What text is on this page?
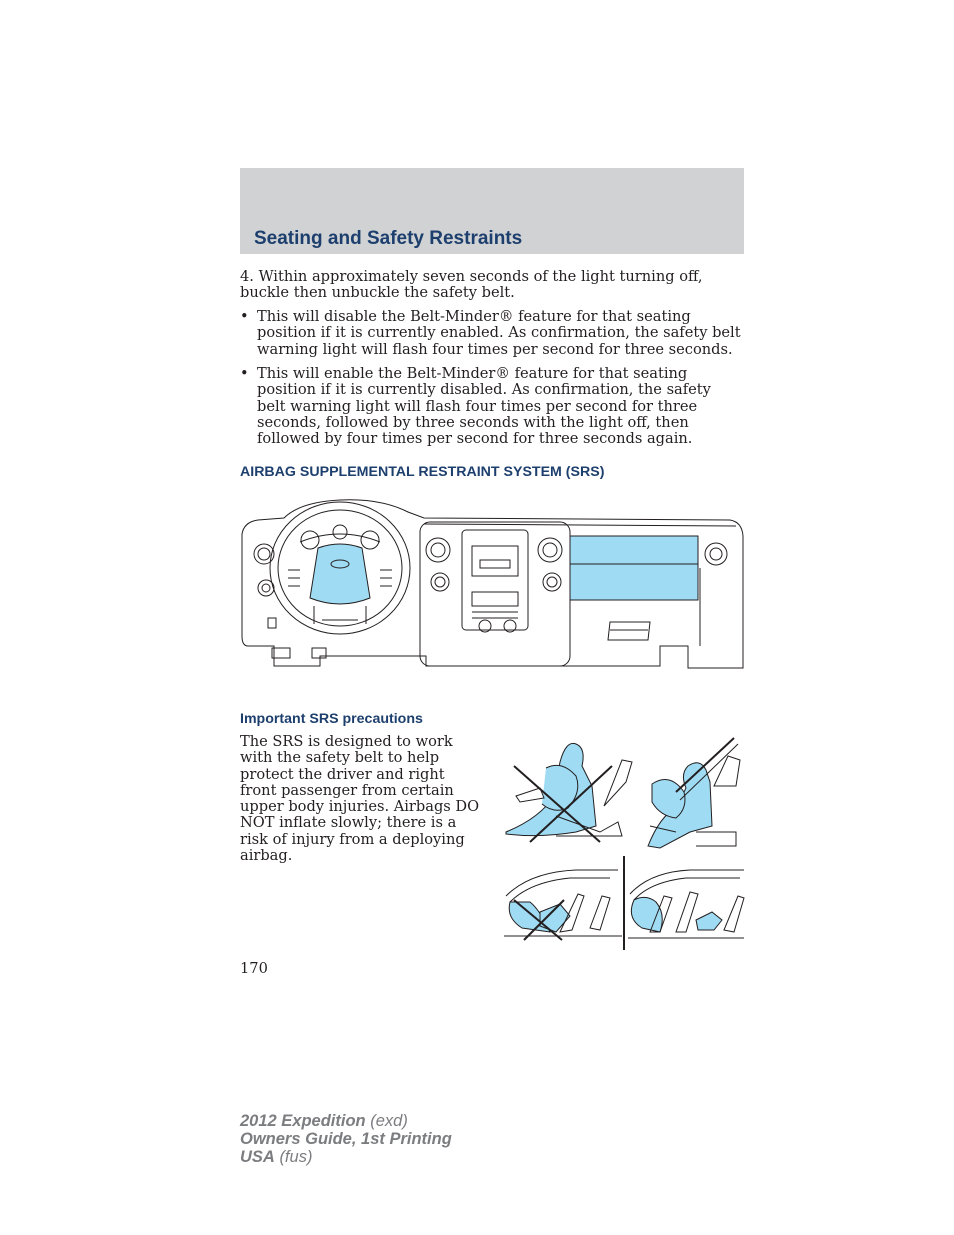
Seating and Safety Restraints

4. Within approximately seven seconds of the light turning off, buckle then unbuckle the safety belt.

• This will disable the Belt-Minder® feature for that seating position if it is currently enabled. As confirmation, the safety belt warning light will flash four times per second for three seconds.
• This will enable the Belt-Minder® feature for that seating position if it is currently disabled. As confirmation, the safety belt warning light will flash four times per second for three seconds, followed by three seconds with the light off, then followed by four times per second for three seconds again.
AIRBAG SUPPLEMENTAL RESTRAINT SYSTEM (SRS)
Important SRS precautions

The SRS is designed to work with the safety belt to help protect the driver and right front passenger from certain upper body injuries. Airbags DO NOT inflate slowly; there is a risk of injury from a deploying airbag.

170
2012 Expedition (exd)
Owners Guide, 1st Printing
USA (fus)
